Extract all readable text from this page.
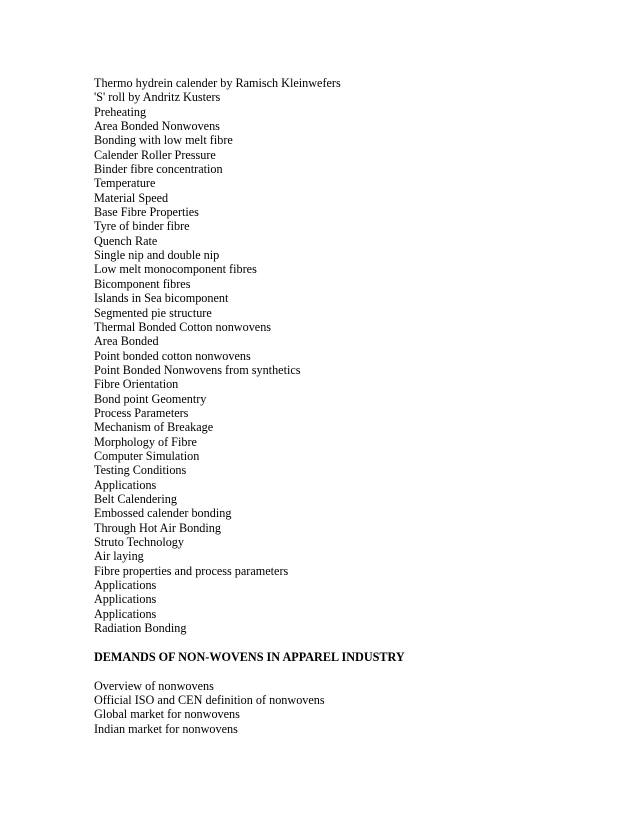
Thermo hydrein calender by Ramisch Kleinwefers
'S' roll by Andritz Kusters
Preheating
Area Bonded Nonwovens
Bonding with low melt fibre
Calender Roller Pressure
Binder fibre concentration
Temperature
Material Speed
Base Fibre Properties
Tyre of binder fibre
Quench Rate
Single nip and double nip
Low melt monocomponent fibres
Bicomponent fibres
Islands in Sea bicomponent
Segmented pie structure
Thermal Bonded Cotton nonwovens
Area Bonded
Point bonded cotton nonwovens
Point Bonded Nonwovens from synthetics
Fibre Orientation
Bond point Geomentry
Process Parameters
Mechanism of Breakage
Morphology of Fibre
Computer Simulation
Testing Conditions
Applications
Belt Calendering
Embossed calender bonding
Through Hot Air Bonding
Struto Technology
Air laying
Fibre properties and process parameters
Applications
Applications
Applications
Radiation Bonding
DEMANDS OF NON-WOVENS IN APPAREL INDUSTRY
Overview of nonwovens
Official ISO and CEN definition of nonwovens
Global market for nonwovens
Indian market for nonwovens
